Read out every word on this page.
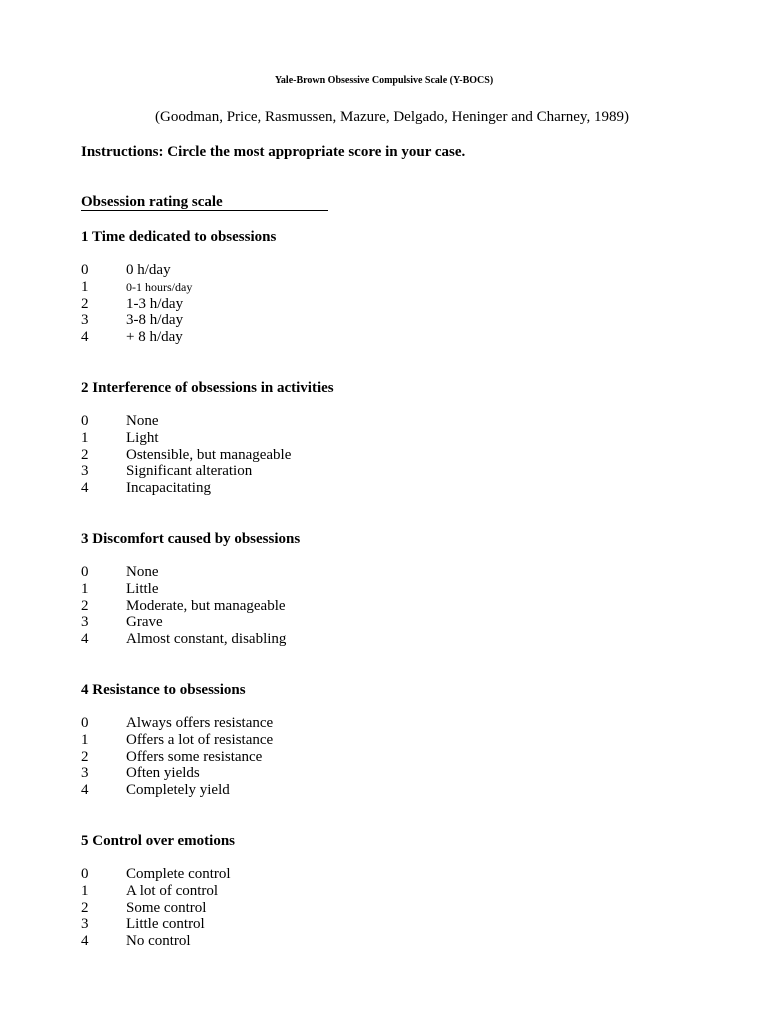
Yale-Brown Obsessive Compulsive Scale (Y-BOCS)
(Goodman, Price, Rasmussen, Mazure, Delgado, Heninger and Charney, 1989)
Instructions: Circle the most appropriate score in your case.
Obsession rating scale
1 Time dedicated to obsessions
0	0 h/day
1	0-1 hours/day
2	1-3 h/day
3	3-8 h/day
4	+ 8 h/day
2 Interference of obsessions in activities
0	None
1	Light
2	Ostensible, but manageable
3	Significant alteration
4	Incapacitating
3 Discomfort caused by obsessions
0	None
1	Little
2	Moderate, but manageable
3	Grave
4	Almost constant, disabling
4 Resistance to obsessions
0	Always offers resistance
1	Offers a lot of resistance
2	Offers some resistance
3	Often yields
4	Completely yield
5 Control over emotions
0	Complete control
1	A lot of control
2	Some control
3	Little control
4	No control
